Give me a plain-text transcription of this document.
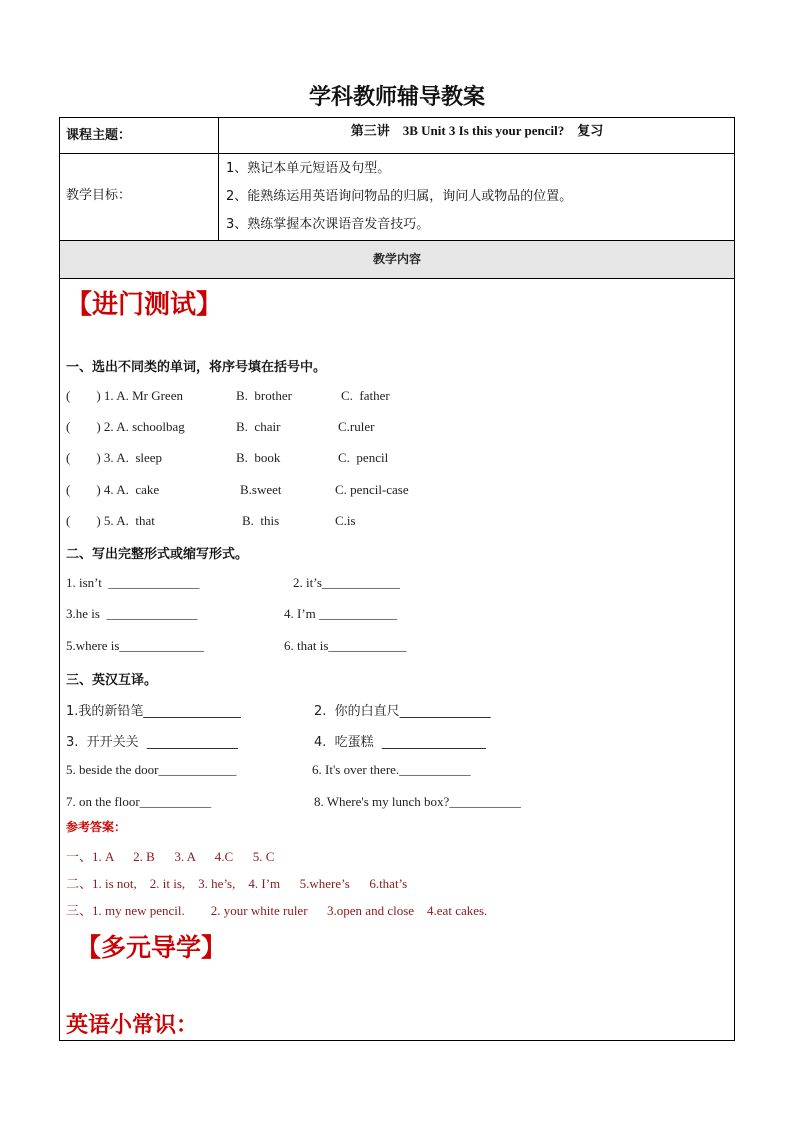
学科教师辅导教案
课程主题：	第三讲　3B Unit 3 Is this your pencil?　复习
教学目标：
1、熟记本单元短语及句型。
2、能熟练运用英语询问物品的归属，询问人或物品的位置。
3、熟练掌握本次课语音发音技巧。
教学内容
【进门测试】
一、选出不同类的单词，将序号填在括号中。
(        ) 1. A. Mr Green	B.  brother	C.  father
(        ) 2. A. schoolbag	B.  chair	C.ruler
(        ) 3. A.  sleep	B.  book	C.  pencil
(        ) 4. A.  cake	B.sweet	C. pencil-case
(        ) 5. A.  that	B.  this	C.is
二、写出完整形式或缩写形式。
1. isn’t  ______________	2. it’s____________
3.he is  ______________	4. I’m ____________
5.where is_____________	6. that is____________
三、英汉互译。
1.我的新铅笔_______________	2.  你的白直尺______________
3.  开开关关  ______________	4.  吃蛋糕  ________________
5. beside the door____________	6. It's over there.___________
7. on the floor___________	8. Where's my lunch box?___________
参考答案：
一、1. A      2. B      3. A      4.C      5. C
二、1. is not,    2. it is,    3. he’s,    4. I’m      5.where’s      6.that’s
三、1. my new pencil.        2. your white ruler      3.open and close    4.eat cakes.
【多元导学】
英语小常识：
